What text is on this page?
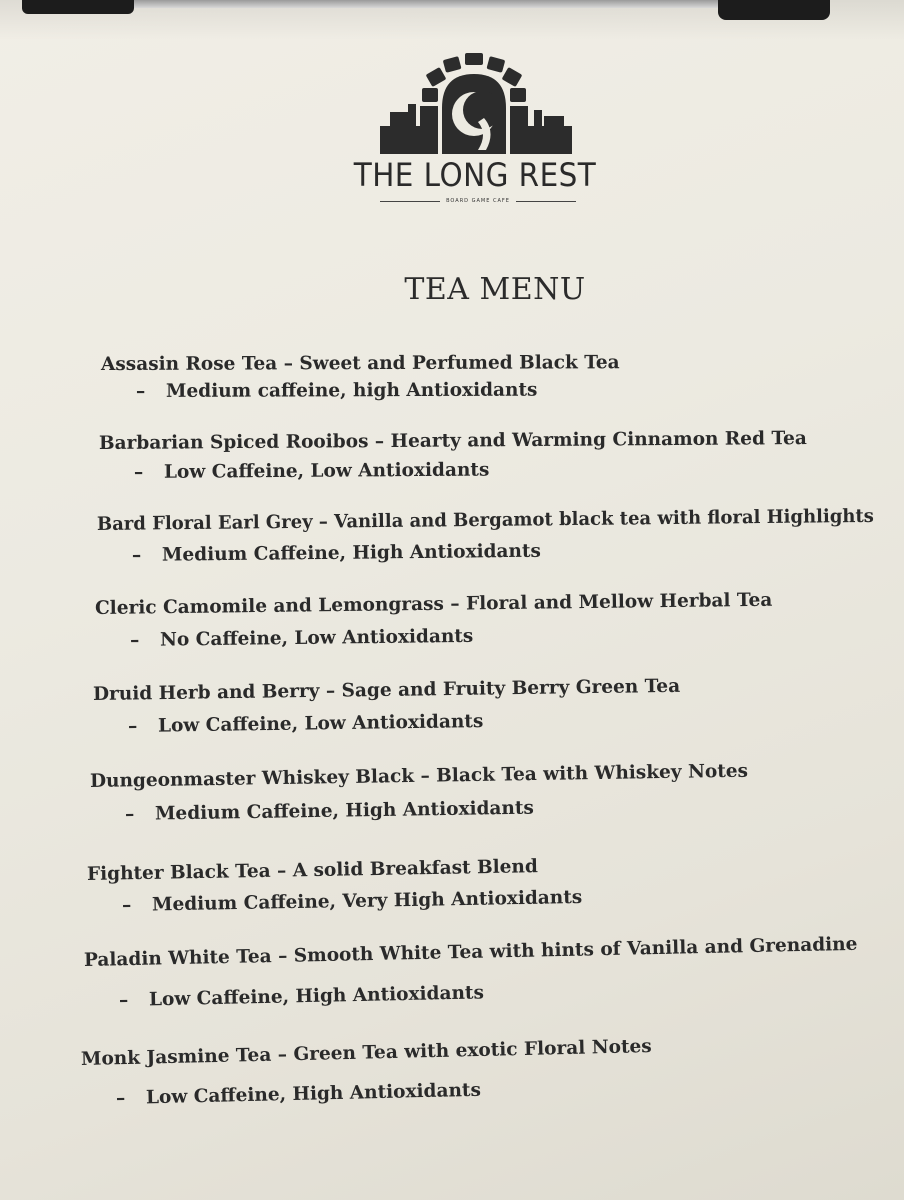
THE LONG REST
BOARD GAME CAFE
TEA MENU
Assasin Rose Tea – Sweet and Perfumed Black Tea
– Medium caffeine, high Antioxidants
Barbarian Spiced Rooibos – Hearty and Warming Cinnamon Red Tea
– Low Caffeine, Low Antioxidants
Bard Floral Earl Grey – Vanilla and Bergamot black tea with floral Highlights
– Medium Caffeine, High Antioxidants
Cleric Camomile and Lemongrass – Floral and Mellow Herbal Tea
– No Caffeine, Low Antioxidants
Druid Herb and Berry – Sage and Fruity Berry Green Tea
– Low Caffeine, Low Antioxidants
Dungeonmaster Whiskey Black – Black Tea with Whiskey Notes
– Medium Caffeine, High Antioxidants
Fighter Black Tea – A solid Breakfast Blend
– Medium Caffeine, Very High Antioxidants
Paladin White Tea – Smooth White Tea with hints of Vanilla and Grenadine
– Low Caffeine, High Antioxidants
Monk Jasmine Tea – Green Tea with exotic Floral Notes
– Low Caffeine, High Antioxidants
